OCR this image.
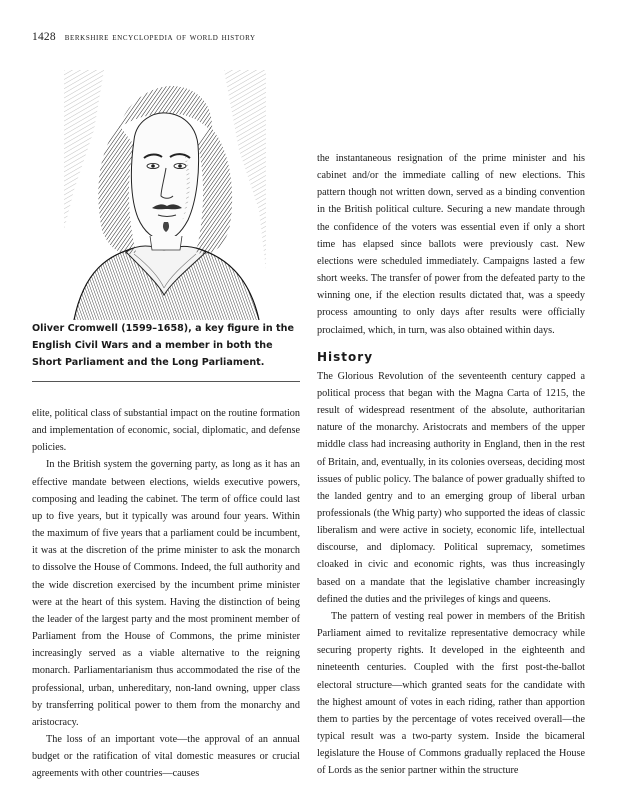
1428 berkshire encyclopedia of world history
Oliver Cromwell (1599–1658), a key figure in the English Civil Wars and a member in both the Short Parliament and the Long Parliament.

elite, political class of substantial impact on the routine formation and implementation of economic, social, diplomatic, and defense policies.

In the British system the governing party, as long as it has an effective mandate between elections, wields executive powers, composing and leading the cabinet. The term of office could last up to five years, but it typically was around four years. Within the maximum of five years that a parliament could be incumbent, it was at the discretion of the prime minister to ask the monarch to dissolve the House of Commons. Indeed, the full authority and the wide discretion exercised by the incumbent prime minister were at the heart of this system. Having the distinction of being the leader of the largest party and the most prominent member of Parliament from the House of Commons, the prime minister increasingly served as a viable alternative to the reigning monarch. Parliamentarianism thus accommodated the rise of the professional, urban, unhereditary, non-land owning, upper class by transferring political power to them from the monarchy and aristocracy.

The loss of an important vote—the approval of an annual budget or the ratification of vital domestic measures or crucial agreements with other countries—causes

the instantaneous resignation of the prime minister and his cabinet and/or the immediate calling of new elections. This pattern though not written down, served as a binding convention in the British political culture. Securing a new mandate through the confidence of the voters was essential even if only a short time has elapsed since ballots were previously cast. New elections were scheduled immediately. Campaigns lasted a few short weeks. The transfer of power from the defeated party to the winning one, if the election results dictated that, was a speedy process amounting to only days after results were officially proclaimed, which, in turn, was also obtained within days.

History

The Glorious Revolution of the seventeenth century capped a political process that began with the Magna Carta of 1215, the result of widespread resentment of the absolute, authoritarian nature of the monarchy. Aristocrats and members of the upper middle class had increasing authority in England, then in the rest of Britain, and, eventually, in its colonies overseas, deciding most issues of public policy. The balance of power gradually shifted to the landed gentry and to an emerging group of liberal urban professionals (the Whig party) who supported the ideas of classic liberalism and were active in society, economic life, intellectual discourse, and diplomacy. Political supremacy, sometimes cloaked in civic and economic rights, was thus increasingly based on a mandate that the legislative chamber increasingly defined the duties and the privileges of kings and queens.

The pattern of vesting real power in members of the British Parliament aimed to revitalize representative democracy while securing property rights. It developed in the eighteenth and nineteenth centuries. Coupled with the first post-the-ballot electoral structure—which granted seats for the candidate with the highest amount of votes in each riding, rather than apportion them to parties by the percentage of votes received overall—the typical result was a two-party system. Inside the bicameral legislature the House of Commons gradually replaced the House of Lords as the senior partner within the structure
